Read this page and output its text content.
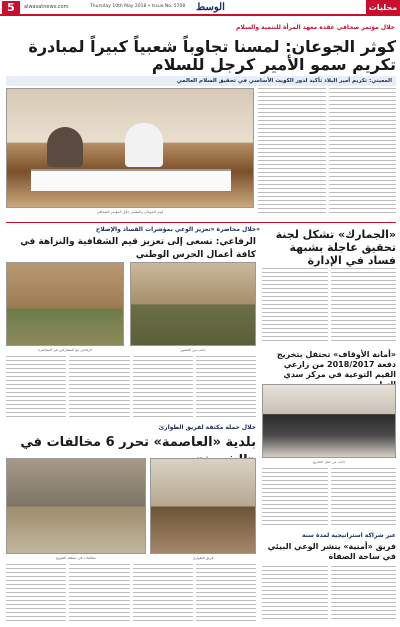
5	alwasatnews.com	Thursday 10th May 2018 • Issue No. 5708	الوسط	محليات
خلال مؤتمر صحافي عقده معهد المرأة للتنمية والسلام
كوثر الجوعان: لمسنا تجاوباً شعبياً كبيراً لمبادرة تكريم سمو الأمير كرجل للسلام
المعيني: تكريم أمير البلاد تأكيد لدور الكويت الأساسي في تحقيق السلام العالمي
كوثر الجوعان والمعيني خلال المؤتمر الصحافي
خلال محاضرة «تعزيز الوعي بمؤشرات الفساد والإصلاح»
الرفاعي: نسعى إلى تعزيز قيم الشفافية والنزاهة في كافة أعمال الحرس الوطني
الرفاعي مع المشاركين في المحاضرة	جانب من الحضور
«الجمارك» تشكل لجنة تحقيق عاجلة بشبهة فساد في الإدارة
«أمانة الأوقاف» تحتفل بتخريج دفعة 2018/2017 من زارعي القيم التوعية في مركز سدي
جانب من حفل التخريج
خلال حملة مكثفة لفريق الطوارئ
بلدية «العاصمة» تحرر 6 مخالفات في
مخالفات في منطقة الشويخ	فريق الطوارئ
عبر شراكة استراتيجية لمدة سنة
فريق «أمنية» ينشر الوعي البيئي في ساحة الصفاة
